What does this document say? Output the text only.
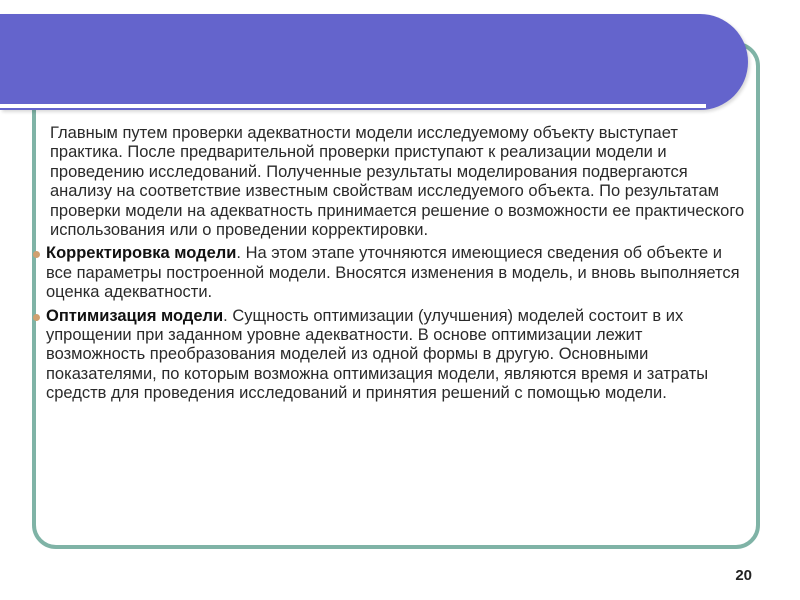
Главным путем проверки адекватности модели исследуемому объекту выступает практика. После предварительной проверки приступают к реализации модели и проведению исследований. Полученные результаты моделирования подвергаются анализу на соответствие известным свойствам исследуемого объекта. По результатам проверки модели на адекватность принимается решение о возможности ее практического использования или о проведении корректировки.

Корректировка модели. На этом этапе уточняются имеющиеся сведения об объекте и все параметры построенной модели. Вносятся изменения в модель, и вновь выполняется оценка адекватности.

Оптимизация модели. Сущность оптимизации (улучшения) моделей состоит в их упрощении при заданном уровне адекватности. В основе оптимизации лежит возможность преобразования моделей из одной формы в другую. Основными показателями, по которым возможна оптимизация модели, являются время и затраты средств для проведения исследований и принятия решений с помощью модели.

20
